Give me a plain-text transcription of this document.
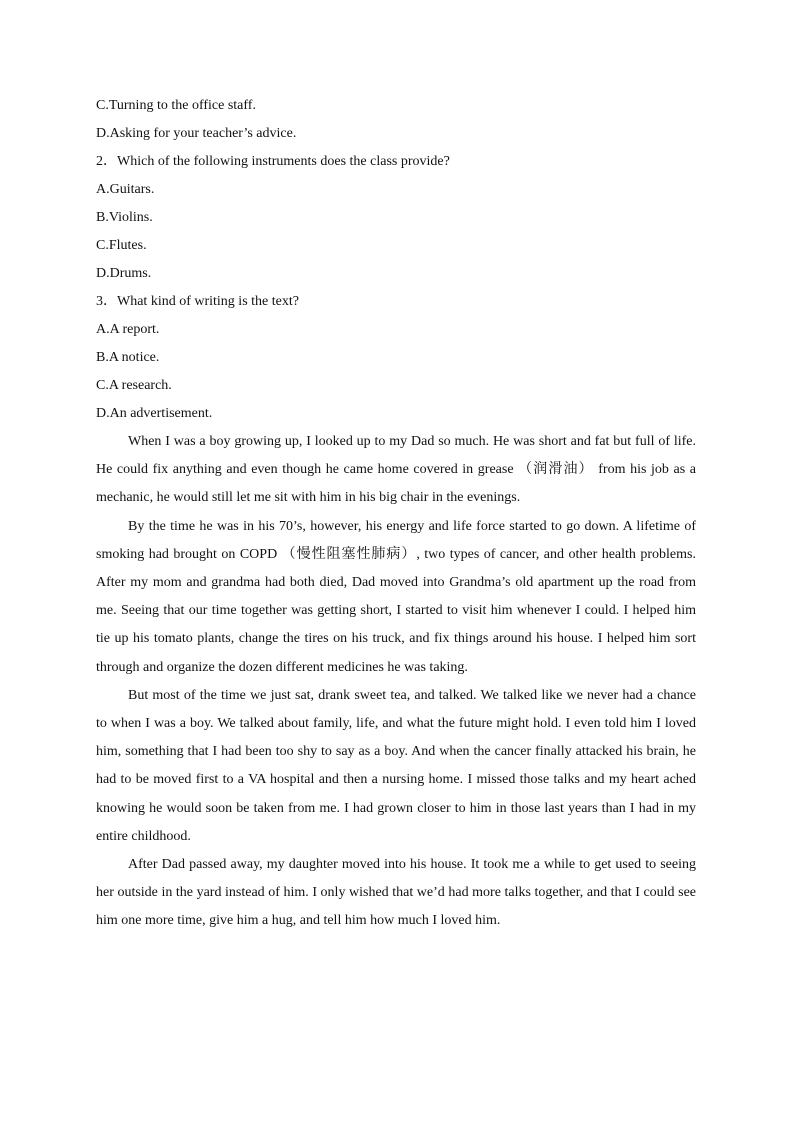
C.Turning to the office staff.
D.Asking for your teacher’s advice.
2．Which of the following instruments does the class provide?
A.Guitars.
B.Violins.
C.Flutes.
D.Drums.
3．What kind of writing is the text?
A.A report.
B.A notice.
C.A research.
D.An advertisement.

When I was a boy growing up, I looked up to my Dad so much. He was short and fat but full of life. He could fix anything and even though he came home covered in grease （润滑油） from his job as a mechanic, he would still let me sit with him in his big chair in the evenings.

By the time he was in his 70’s, however, his energy and life force started to go down. A lifetime of smoking had brought on COPD （慢性阻塞性肺病）, two types of cancer, and other health problems. After my mom and grandma had both died, Dad moved into Grandma’s old apartment up the road from me. Seeing that our time together was getting short, I started to visit him whenever I could. I helped him tie up his tomato plants, change the tires on his truck, and fix things around his house. I helped him sort through and organize the dozen different medicines he was taking.

But most of the time we just sat, drank sweet tea, and talked. We talked like we never had a chance to when I was a boy. We talked about family, life, and what the future might hold. I even told him I loved him, something that I had been too shy to say as a boy. And when the cancer finally attacked his brain, he had to be moved first to a VA hospital and then a nursing home. I missed those talks and my heart ached knowing he would soon be taken from me. I had grown closer to him in those last years than I had in my entire childhood.

After Dad passed away, my daughter moved into his house. It took me a while to get used to seeing her outside in the yard instead of him. I only wished that we’d had more talks together, and that I could see him one more time, give him a hug, and tell him how much I loved him.
